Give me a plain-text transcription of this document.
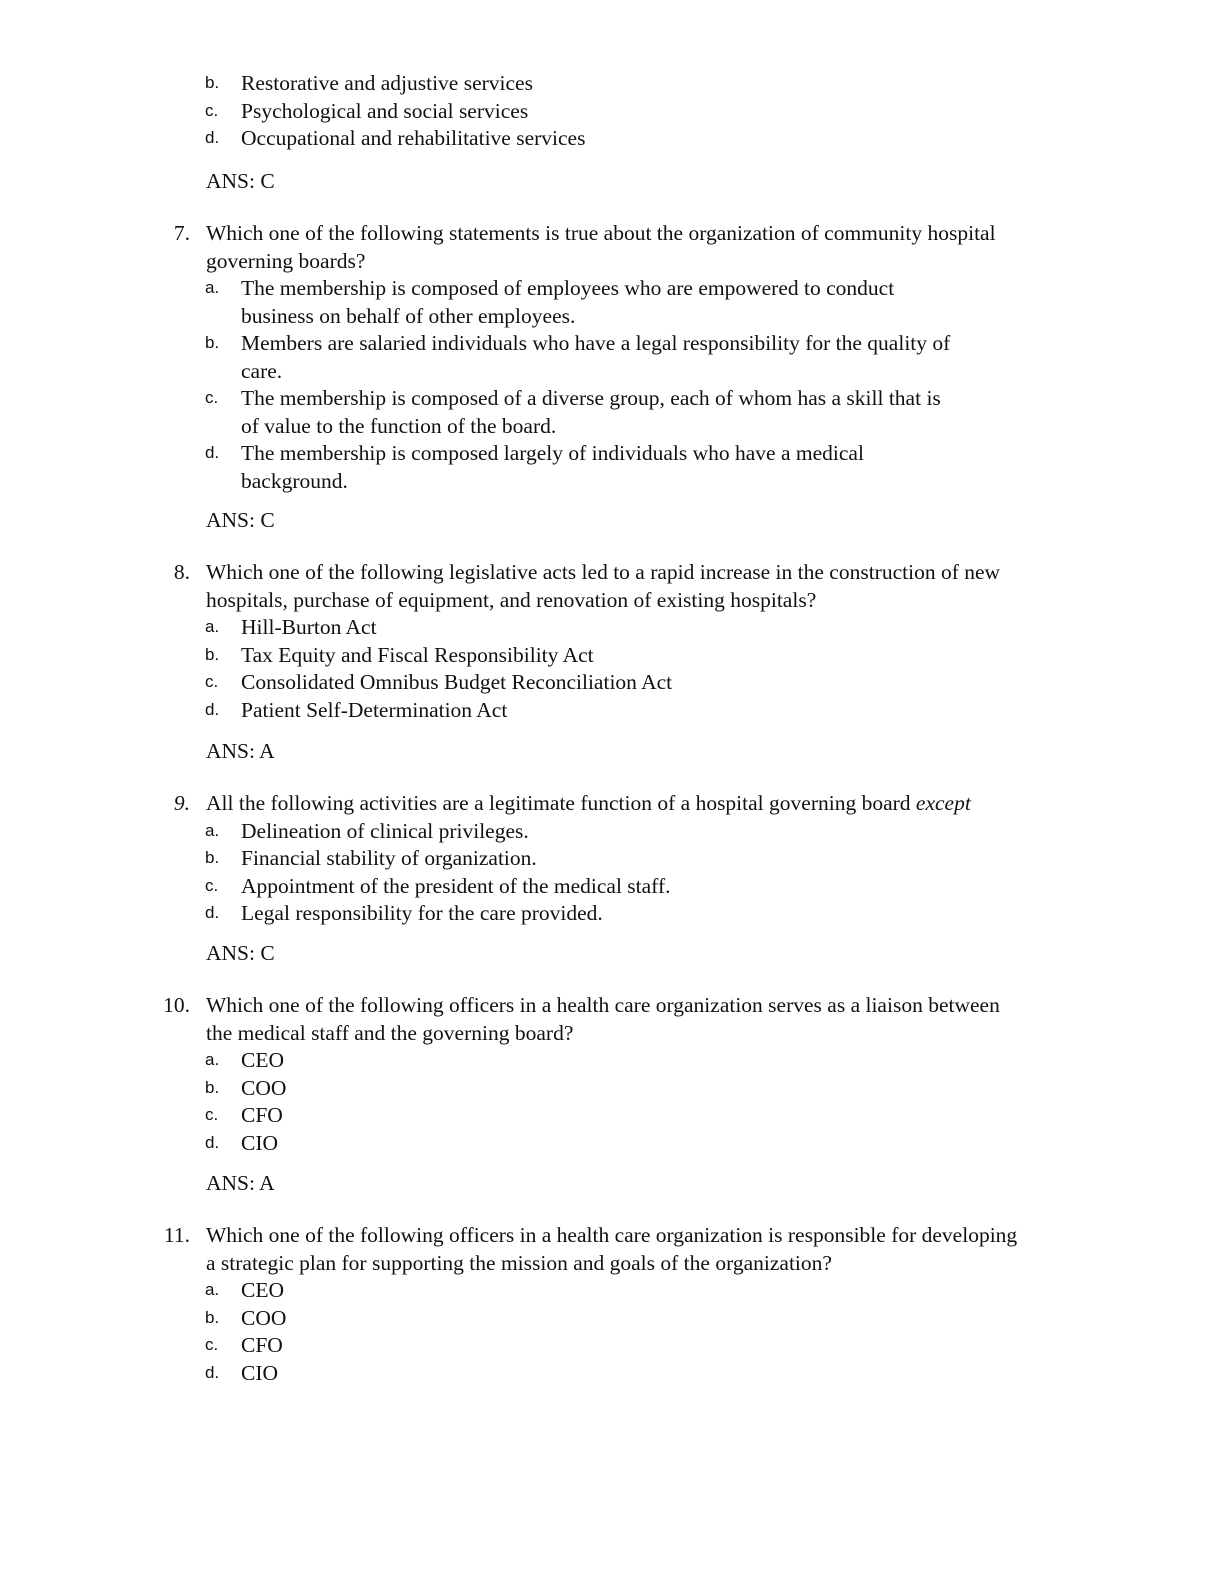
b. Restorative and adjustive services
c. Psychological and social services
d. Occupational and rehabilitative services
ANS: C
7. Which one of the following statements is true about the organization of community hospital
governing boards?
a. The membership is composed of employees who are empowered to conduct
business on behalf of other employees.
b. Members are salaried individuals who have a legal responsibility for the quality of
care.
c. The membership is composed of a diverse group, each of whom has a skill that is
of value to the function of the board.
d. The membership is composed largely of individuals who have a medical
background.
ANS: C
8. Which one of the following legislative acts led to a rapid increase in the construction of new
hospitals, purchase of equipment, and renovation of existing hospitals?
a. Hill-Burton Act
b. Tax Equity and Fiscal Responsibility Act
c. Consolidated Omnibus Budget Reconciliation Act
d. Patient Self-Determination Act
ANS: A
9. All the following activities are a legitimate function of a hospital governing board except
a. Delineation of clinical privileges.
b. Financial stability of organization.
c. Appointment of the president of the medical staff.
d. Legal responsibility for the care provided.
ANS: C
10. Which one of the following officers in a health care organization serves as a liaison between
the medical staff and the governing board?
a. CEO
b. COO
c. CFO
d. CIO
ANS: A
11. Which one of the following officers in a health care organization is responsible for developing
a strategic plan for supporting the mission and goals of the organization?
a. CEO
b. COO
c. CFO
d. CIO
